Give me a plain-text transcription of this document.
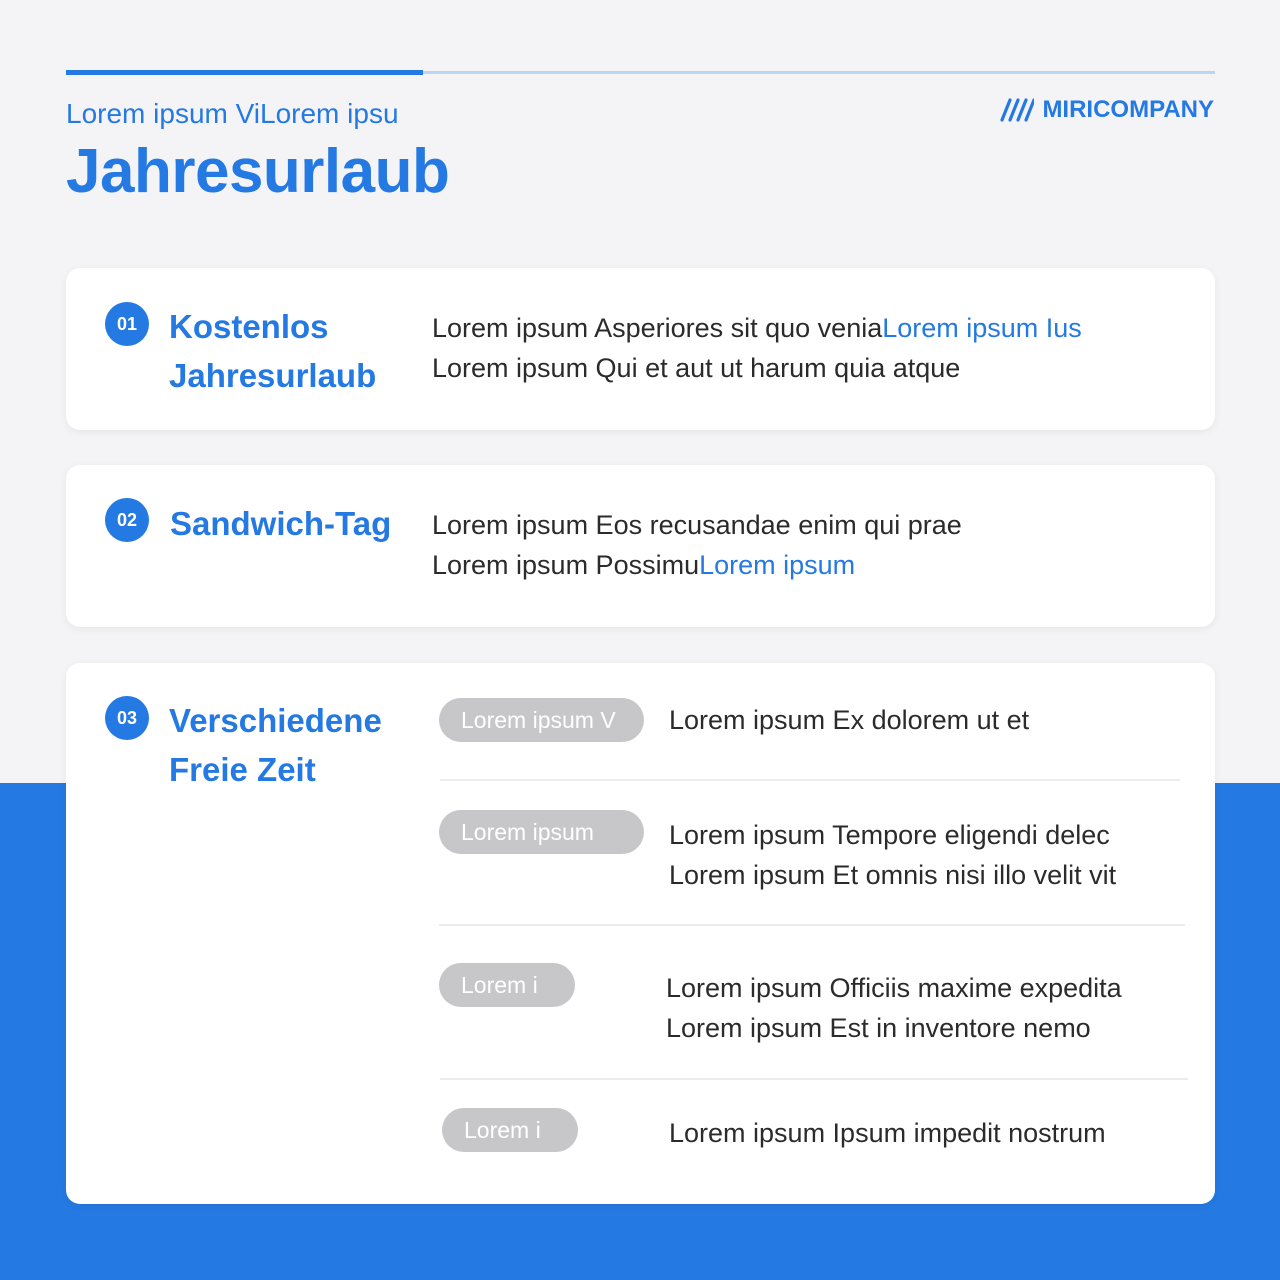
Lorem ipsum ViLorem ipsu
Jahresurlaub
MIRICOMPANY
01 Kostenlos
Jahresurlaub
Lorem ipsum Asperiores sit quo veniaLorem ipsum Ius
Lorem ipsum Qui et aut ut harum quia atque
02 Sandwich-Tag Lorem ipsum Eos recusandae enim qui prae
Lorem ipsum PossimuLorem ipsum
03 Verschiedene
Freie Zeit
Lorem ipsum V	Lorem ipsum Ex dolorem ut et
Lorem ipsum	Lorem ipsum Tempore eligendi delec
Lorem ipsum Et omnis nisi illo velit vit
Lorem i	Lorem ipsum Officiis maxime expedita
Lorem ipsum Est in inventore nemo
Lorem i	Lorem ipsum Ipsum impedit nostrum
